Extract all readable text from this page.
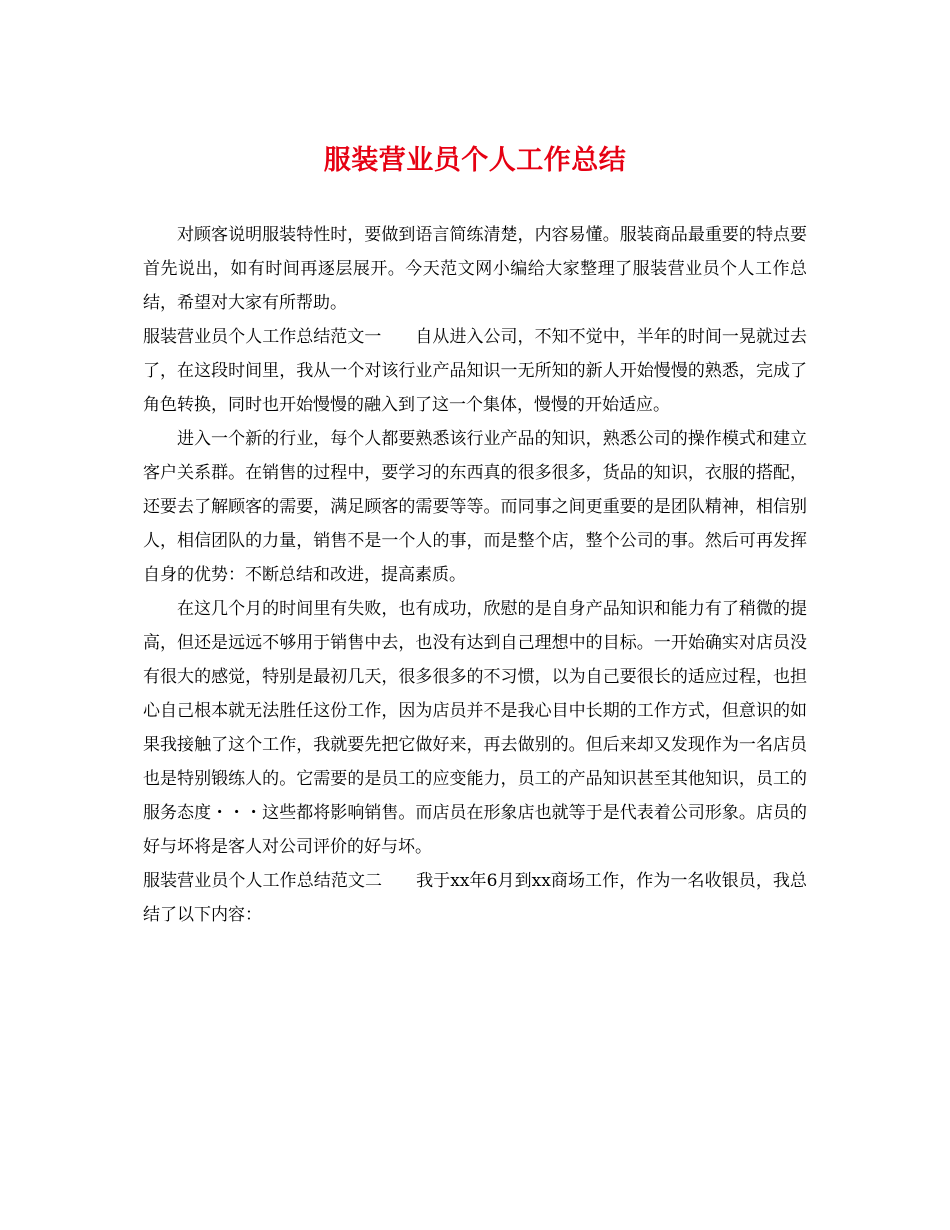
服装营业员个人工作总结

对顾客说明服装特性时，要做到语言简练清楚，内容易懂。服装商品最重要的特点要首先说出，如有时间再逐层展开。今天范文网小编给大家整理了服装营业员个人工作总结，希望对大家有所帮助。

服装营业员个人工作总结范文一 自从进入公司，不知不觉中，半年的时间一晃就过去了，在这段时间里，我从一个对该行业产品知识一无所知的新人开始慢慢的熟悉，完成了角色转换，同时也开始慢慢的融入到了这一个集体，慢慢的开始适应。

进入一个新的行业，每个人都要熟悉该行业产品的知识，熟悉公司的操作模式和建立客户关系群。在销售的过程中，要学习的东西真的很多很多，货品的知识，衣服的搭配，还要去了解顾客的需要，满足顾客的需要等等。而同事之间更重要的是团队精神，相信别人，相信团队的力量，销售不是一个人的事，而是整个店，整个公司的事。然后可再发挥自身的优势：不断总结和改进，提高素质。

在这几个月的时间里有失败，也有成功，欣慰的是自身产品知识和能力有了稍微的提高，但还是远远不够用于销售中去，也没有达到自己理想中的目标。一开始确实对店员没有很大的感觉，特别是最初几天，很多很多的不习惯，以为自己要很长的适应过程，也担心自己根本就无法胜任这份工作，因为店员并不是我心目中长期的工作方式，但意识的如果我接触了这个工作，我就要先把它做好来，再去做别的。但后来却又发现作为一名店员也是特别锻练人的。它需要的是员工的应变能力，员工的产品知识甚至其他知识，员工的服务态度・・・这些都将影响销售。而店员在形象店也就等于是代表着公司形象。店员的好与坏将是客人对公司评价的好与坏。

服装营业员个人工作总结范文二 我于xx年6月到xx商场工作，作为一名收银员，我总结了以下内容：
